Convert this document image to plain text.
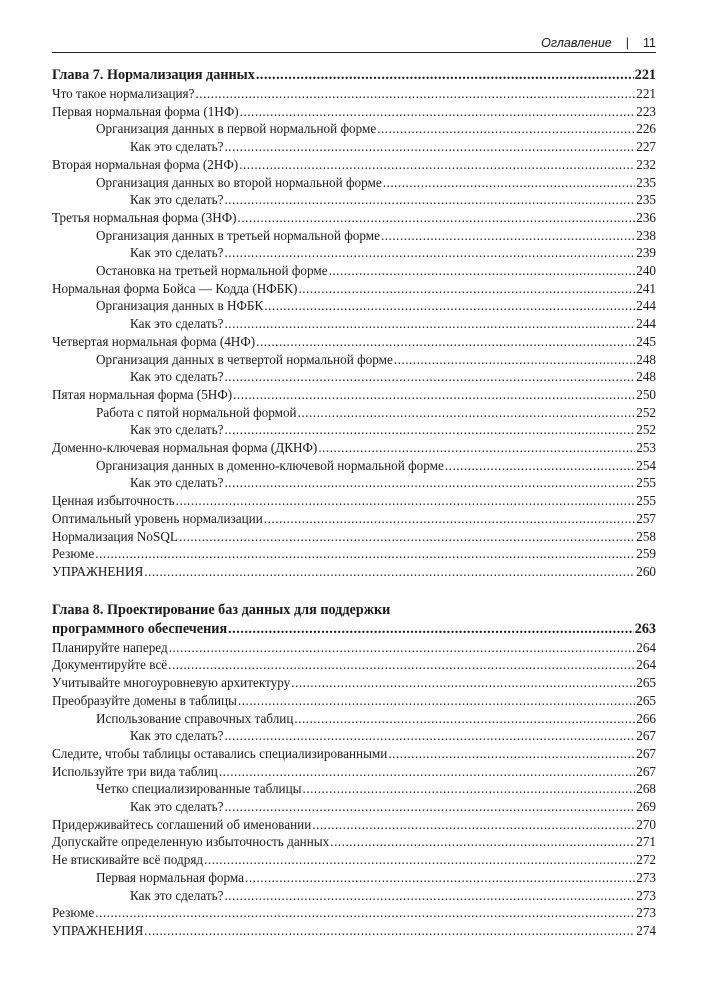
Оглавление | 11
Глава 7. Нормализация данных .....	221
Что такое нормализация? .....	221
Первая нормальная форма (1НФ) .....	223
Организация данных в первой нормальной форме .....	226
Как это сделать? .....	227
Вторая нормальная форма (2НФ) .....	232
Организация данных во второй нормальной форме .....	235
Как это сделать? .....	235
Третья нормальная форма (3НФ) .....	236
Организация данных в третьей нормальной форме .....	238
Как это сделать? .....	239
Остановка на третьей нормальной форме .....	240
Нормальная форма Бойса — Кодда (НФБК) .....	241
Организация данных в НФБК .....	244
Как это сделать? .....	244
Четвертая нормальная форма (4НФ) .....	245
Организация данных в четвертой нормальной форме .....	248
Как это сделать? .....	248
Пятая нормальная форма (5НФ) .....	250
Работа с пятой нормальной формой .....	252
Как это сделать? .....	252
Доменно-ключевая нормальная форма (ДКНФ) .....	253
Организация данных в доменно-ключевой нормальной форме .....	254
Как это сделать? .....	255
Ценная избыточность .....	255
Оптимальный уровень нормализации .....	257
Нормализация NoSQL .....	258
Резюме .....	259
УПРАЖНЕНИЯ .....	260
Глава 8. Проектирование баз данных для поддержки
программного обеспечения .....	263
Планируйте наперед .....	264
Документируйте всё .....	264
Учитывайте многоуровневую архитектуру .....	265
Преобразуйте домены в таблицы .....	265
Использование справочных таблиц .....	266
Как это сделать? .....	267
Следите, чтобы таблицы оставались специализированными .....	267
Используйте три вида таблиц .....	267
Четко специализированные таблицы .....	268
Как это сделать? .....	269
Придерживайтесь соглашений об именовании .....	270
Допускайте определенную избыточность данных .....	271
Не втискивайте всё подряд .....	272
Первая нормальная форма .....	273
Как это сделать? .....	273
Резюме .....	273
УПРАЖНЕНИЯ .....	274
